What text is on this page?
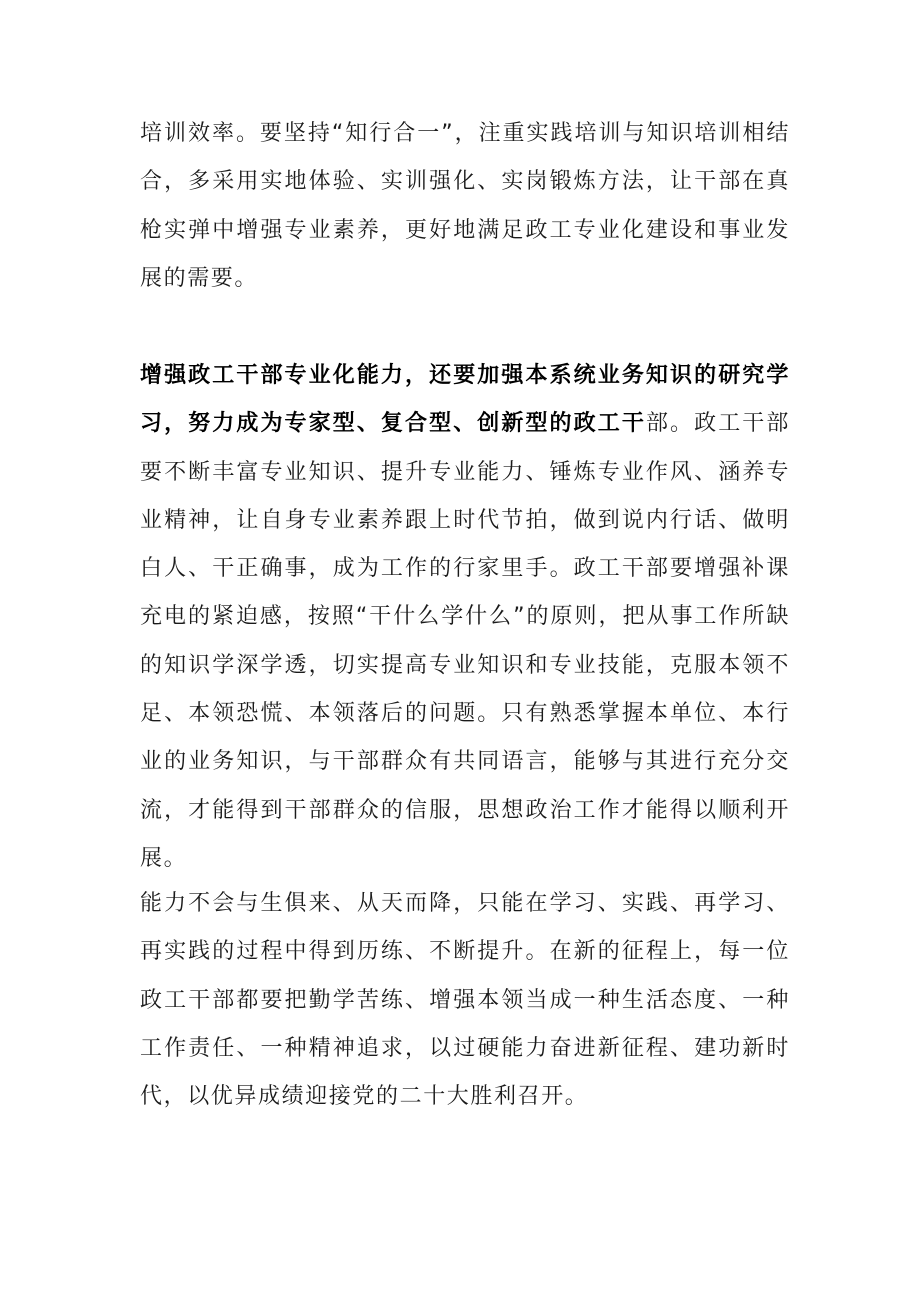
培训效率。要坚持“知行合一”，注重实践培训与知识培训相结合，多采用实地体验、实训强化、实岗锻炼方法，让干部在真枪实弹中增强专业素养，更好地满足政工专业化建设和事业发展的需要。

增强政工干部专业化能力，还要加强本系统业务知识的研究学习，努力成为专家型、复合型、创新型的政工干部。政工干部要不断丰富专业知识、提升专业能力、锤炼专业作风、涵养专业精神，让自身专业素养跟上时代节拍，做到说内行话、做明白人、干正确事，成为工作的行家里手。政工干部要增强补课充电的紧迫感，按照“干什么学什么”的原则，把从事工作所缺的知识学深学透，切实提高专业知识和专业技能，克服本领不足、本领恐慌、本领落后的问题。只有熟悉掌握本单位、本行业的业务知识，与干部群众有共同语言，能够与其进行充分交流，才能得到干部群众的信服，思想政治工作才能得以顺利开展。

能力不会与生俱来、从天而降，只能在学习、实践、再学习、再实践的过程中得到历练、不断提升。在新的征程上，每一位政工干部都要把勤学苦练、增强本领当成一种生活态度、一种工作责任、一种精神追求，以过硬能力奋进新征程、建功新时代，以优异成绩迎接党的二十大胜利召开。
